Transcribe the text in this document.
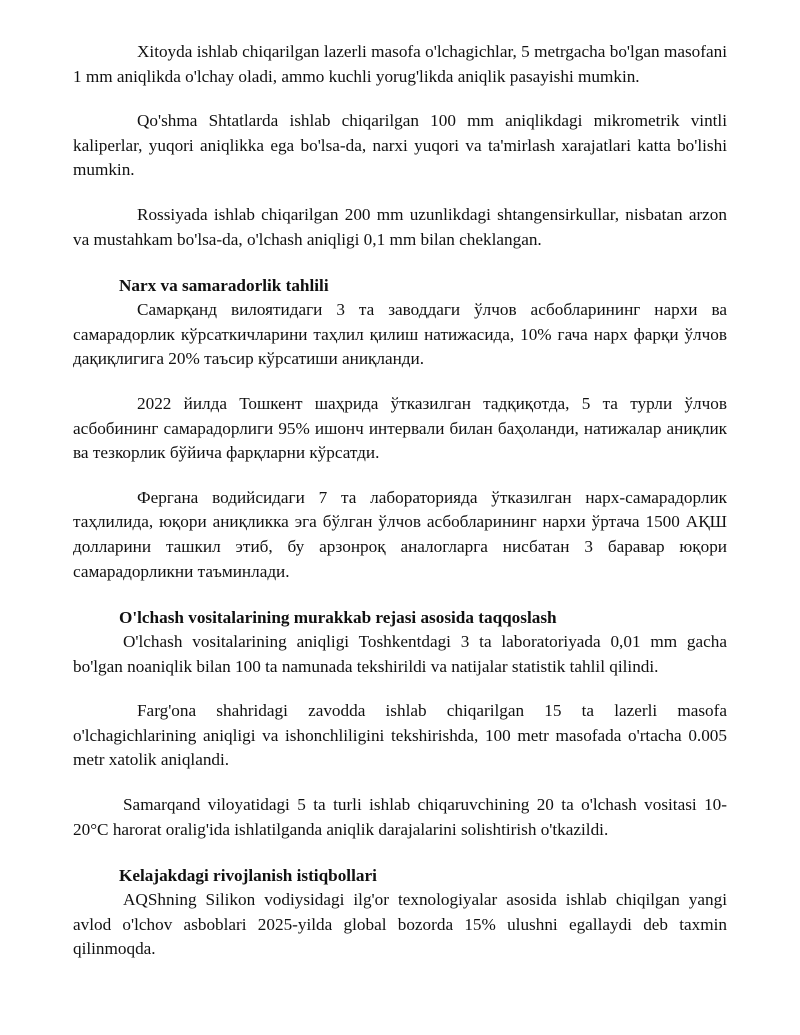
Xitoyda ishlab chiqarilgan lazerli masofa o'lchagichlar, 5 metrgacha bo'lgan masofani 1 mm aniqlikda o'lchay oladi, ammo kuchli yorug'likda aniqlik pasayishi mumkin.

Qo'shma Shtatlarda ishlab chiqarilgan 100 mm aniqlikdagi mikrometrik vintli kaliperlar, yuqori aniqlikka ega bo'lsa-da, narxi yuqori va ta'mirlash xarajatlari katta bo'lishi mumkin.

Rossiyada ishlab chiqarilgan 200 mm uzunlikdagi shtangensirkullar, nisbatan arzon va mustahkam bo'lsa-da, o'lchash aniqligi 0,1 mm bilan cheklangan.

Narx va samaradorlik tahlili

Самарқанд вилоятидаги 3 та заводдаги ўлчов асбобларининг нархи ва самарадорлик кўрсаткичларини таҳлил қилиш натижасида, 10% гача нарх фарқи ўлчов дақиқлигига 20% таъсир кўрсатиши аниқланди.

2022 йилда Тошкент шаҳрида ўтказилган тадқиқотда, 5 та турли ўлчов асбобининг самарадорлиги 95% ишонч интервали билан баҳоланди, натижалар аниқлик ва тезкорлик бўйича фарқларни кўрсатди.

Фергана водийсидаги 7 та лабораторияда ўтказилган нарх-самарадорлик таҳлилида, юқори аниқликка эга бўлган ўлчов асбобларининг нархи ўртача 1500 АҚШ долларини ташкил этиб, бу арзонроқ аналогларга нисбатан 3 баравар юқори самарадорликни таъминлади.

O'lchash vositalarining murakkab rejasi asosida taqqoslash

O'lchash vositalarining aniqligi Toshkentdagi 3 ta laboratoriyada 0,01 mm gacha bo'lgan noaniqlik bilan 100 ta namunada tekshirildi va natijalar statistik tahlil qilindi.

Farg'ona shahridagi zavodda ishlab chiqarilgan 15 ta lazerli masofa o'lchagichlarining aniqligi va ishonchliligini tekshirishda, 100 metr masofada o'rtacha 0.005 metr xatolik aniqlandi.

Samarqand viloyatidagi 5 ta turli ishlab chiqaruvchining 20 ta o'lchash vositasi 10-20°C harorat oralig'ida ishlatilganda aniqlik darajalarini solishtirish o'tkazildi.

Kelajakdagi rivojlanish istiqbollari

AQShning Silikon vodiysidagi ilg'or texnologiyalar asosida ishlab chiqilgan yangi avlod o'lchov asboblari 2025-yilda global bozorda 15% ulushni egallaydi deb taxmin qilinmoqda.
